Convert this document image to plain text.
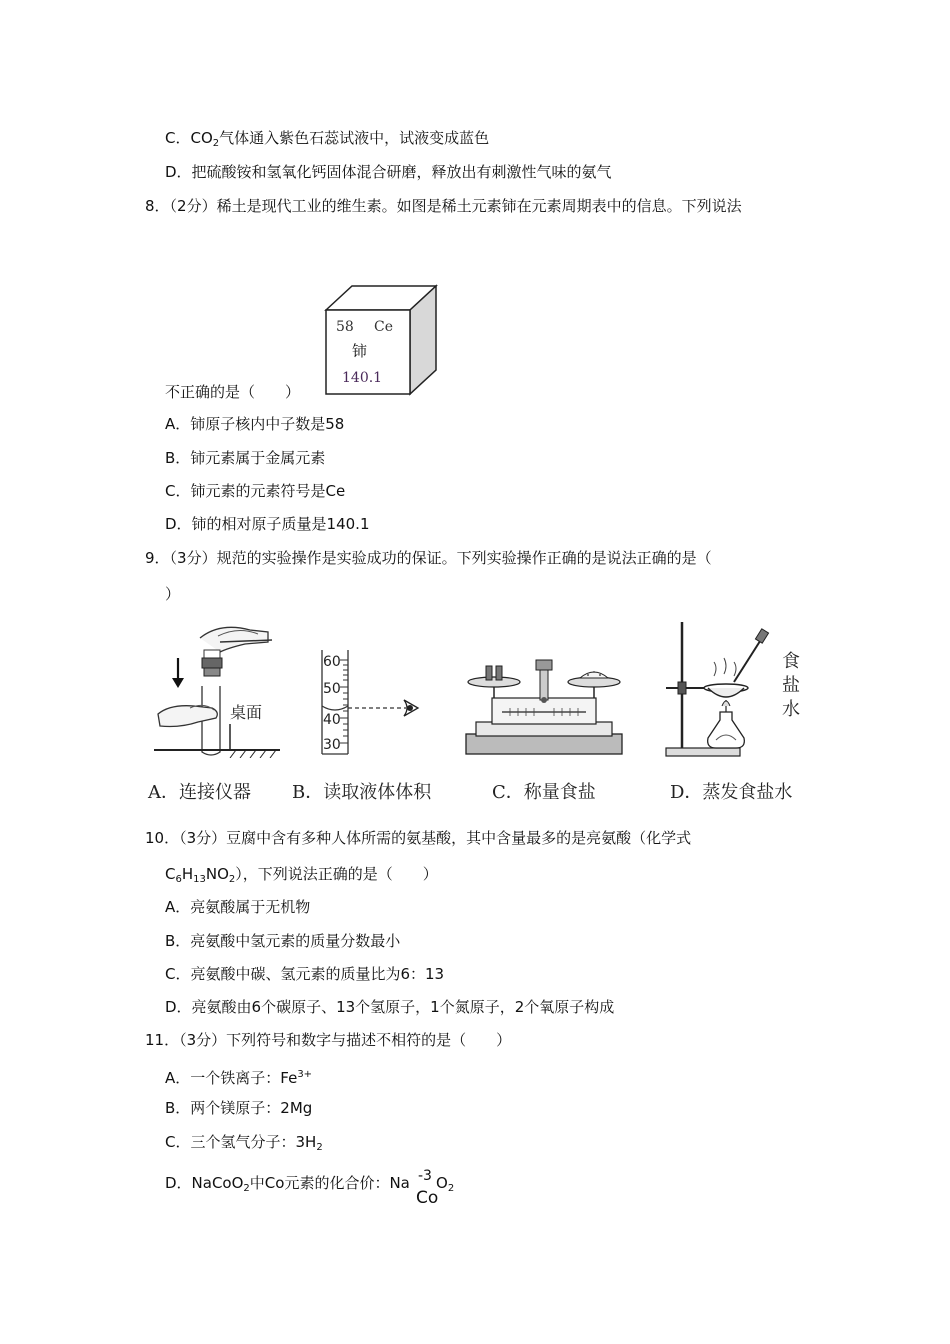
C．$CO_2$气体通入紫色石蕊试液中，试液变成蓝色
D．把硫酸铵和氢氧化钙固体混合研磨，释放出有刺激性气味的氨气
8．（2分）稀土是现代工业的维生素。如图是稀土元素铈在元素周期表中的信息。下列说法
58 Ce
铈
140.1
不正确的是（　　）
A．铈原子核内中子数是58
B．铈元素属于金属元素
C．铈元素的元素符号是Ce
D．铈的相对原子质量是140.1
9．（3分）规范的实验操作是实验成功的保证。下列实验操作正确的是说法正确的是（
）
桌面
60
50
40
30
食
盐
水
A．连接仪器 B．读取液体体积	C．称量食盐	D．蒸发食盐水
10．（3分）豆腐中含有多种人体所需的氨基酸，其中含量最多的是亮氨酸（化学式
$C_6H_{13}NO_2$），下列说法正确的是（　　）
A．亮氨酸属于无机物
B．亮氨酸中氢元素的质量分数最小
C．亮氨酸中碳、氢元素的质量比为6：13
D．亮氨酸由6个碳原子、13个氢原子，1个氮原子，2个氧原子构成
11．（3分）下列符号和数字与描述不相符的是（　　）
A．一个铁离子：$Fe^{3+}$
B．两个镁原子：2Mg
C．三个氢气分子：$3H_2$
D．NaCoO$_2$中Co元素的化合价：Na -3 $O_2$
Co
